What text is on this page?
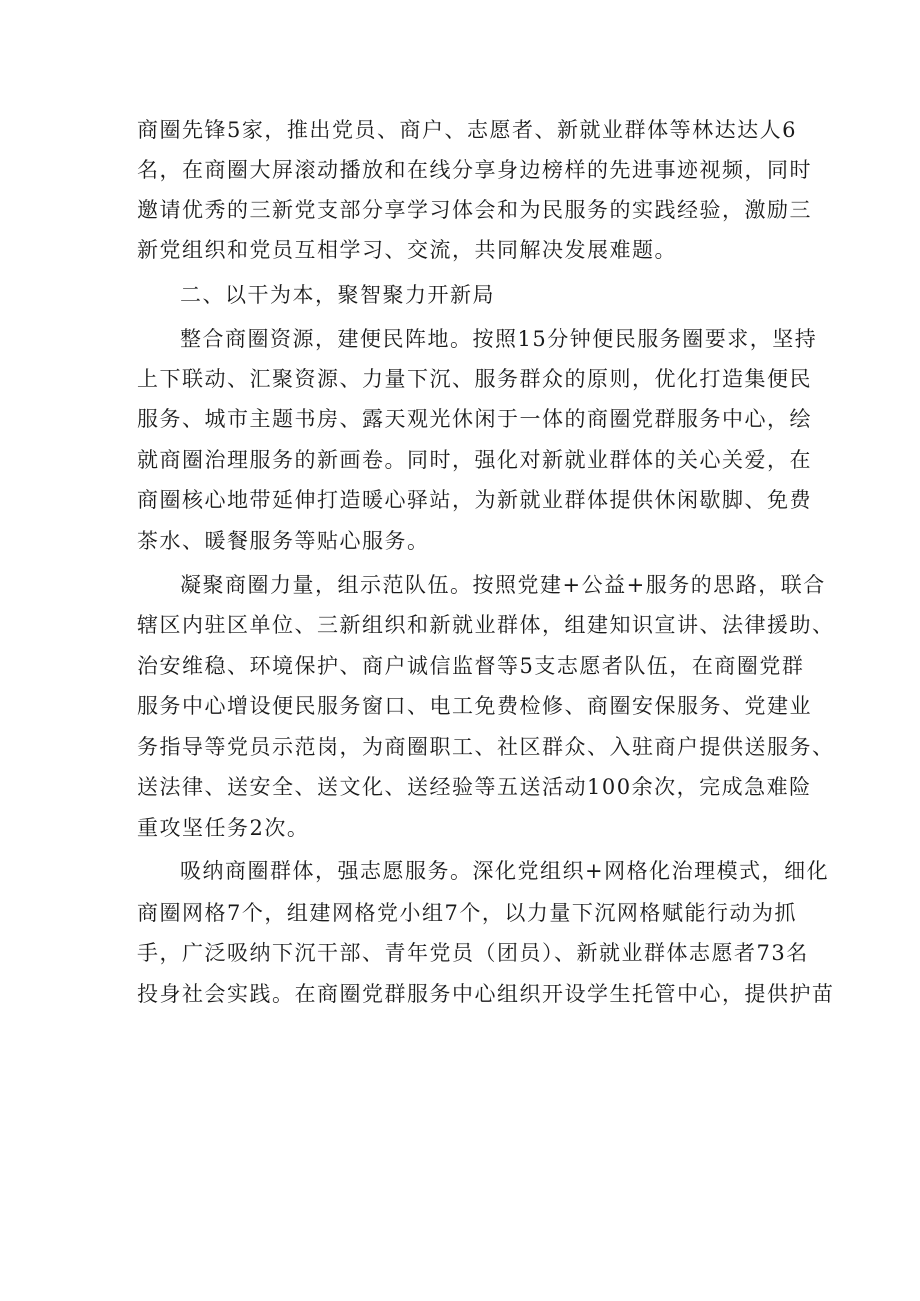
商圈先锋5家，推出党员、商户、志愿者、新就业群体等林达达人6
名，在商圈大屏滚动播放和在线分享身边榜样的先进事迹视频，同时
邀请优秀的三新党支部分享学习体会和为民服务的实践经验，激励三
新党组织和党员互相学习、交流，共同解决发展难题。
二、以干为本，聚智聚力开新局
整合商圈资源，建便民阵地。按照15分钟便民服务圈要求，坚持
上下联动、汇聚资源、力量下沉、服务群众的原则，优化打造集便民
服务、城市主题书房、露天观光休闲于一体的商圈党群服务中心，绘
就商圈治理服务的新画卷。同时，强化对新就业群体的关心关爱，在
商圈核心地带延伸打造暖心驿站，为新就业群体提供休闲歇脚、免费
茶水、暖餐服务等贴心服务。
凝聚商圈力量，组示范队伍。按照党建+公益+服务的思路，联合
辖区内驻区单位、三新组织和新就业群体，组建知识宣讲、法律援助、
治安维稳、环境保护、商户诚信监督等5支志愿者队伍，在商圈党群
服务中心增设便民服务窗口、电工免费检修、商圈安保服务、党建业
务指导等党员示范岗，为商圈职工、社区群众、入驻商户提供送服务、
送法律、送安全、送文化、送经验等五送活动100余次，完成急难险
重攻坚任务2次。
吸纳商圈群体，强志愿服务。深化党组织+网格化治理模式，细化
商圈网格7个，组建网格党小组7个，以力量下沉网格赋能行动为抓
手，广泛吸纳下沉干部、青年党员（团员）、新就业群体志愿者73名
投身社会实践。在商圈党群服务中心组织开设学生托管中心，提供护苗
